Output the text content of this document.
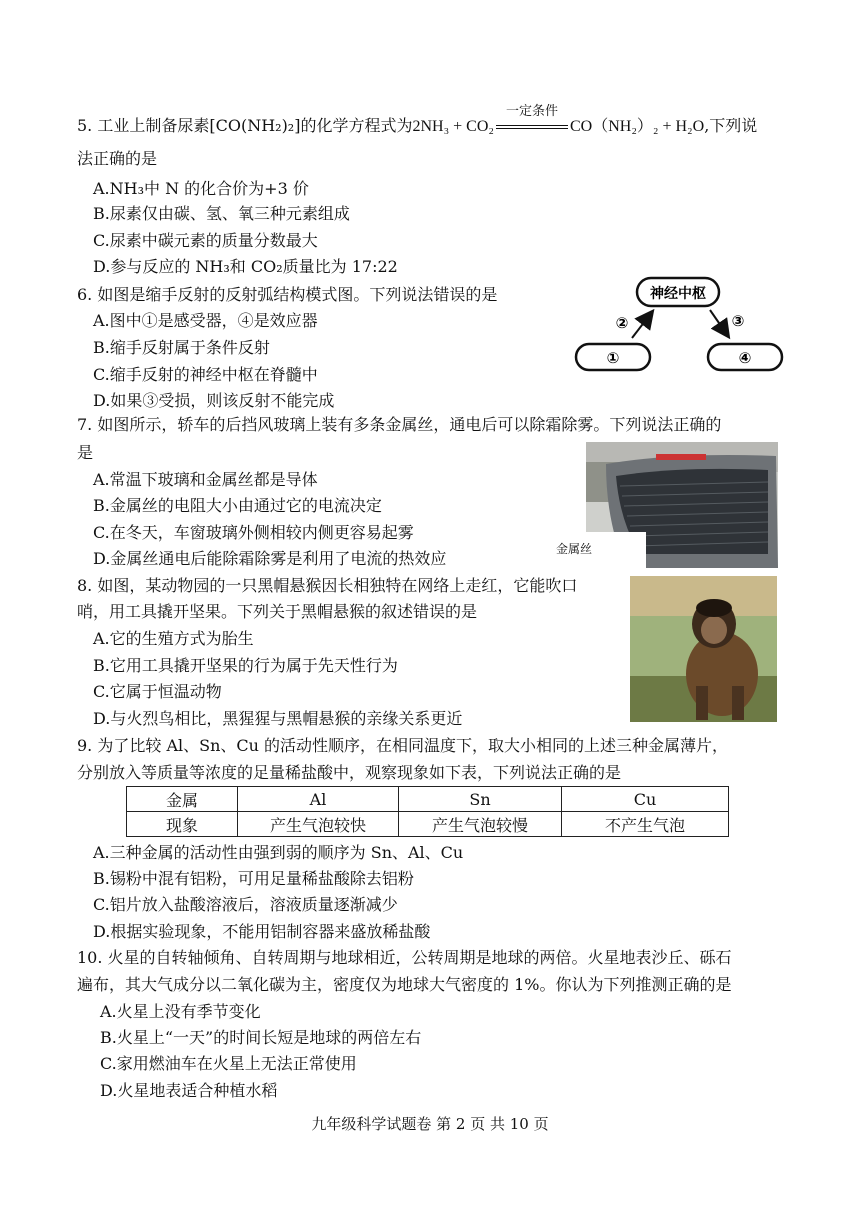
5. 工业上制备尿素[CO(NH₂)₂]的化学方程式为2NH₃ + CO₂
一定条件
CO（NH₂）₂ + H₂O,下列说
法正确的是
A.NH₃中 N 的化合价为+3 价
B.尿素仅由碳、氢、氧三种元素组成
C.尿素中碳元素的质量分数最大
D.参与反应的 NH₃和 CO₂质量比为 17:22
6. 如图是缩手反射的反射弧结构模式图。下列说法错误的是
A.图中①是感受器，④是效应器
B.缩手反射属于条件反射
C.缩手反射的神经中枢在脊髓中
D.如果③受损，则该反射不能完成
神经中枢
①	④
②	③
7. 如图所示，轿车的后挡风玻璃上装有多条金属丝，通电后可以除霜除雾。下列说法正确的
是
A.常温下玻璃和金属丝都是导体
B.金属丝的电阻大小由通过它的电流决定
C.在冬天，车窗玻璃外侧相较内侧更容易起雾
D.金属丝通电后能除霜除雾是利用了电流的热效应	金属丝
8. 如图，某动物园的一只黑帽悬猴因长相独特在网络上走红，它能吹口
哨，用工具撬开坚果。下列关于黑帽悬猴的叙述错误的是
A.它的生殖方式为胎生
B.它用工具撬开坚果的行为属于先天性行为
C.它属于恒温动物
D.与火烈鸟相比，黑猩猩与黑帽悬猴的亲缘关系更近
9. 为了比较 Al、Sn、Cu 的活动性顺序，在相同温度下，取大小相同的上述三种金属薄片，
分别放入等质量等浓度的足量稀盐酸中，观察现象如下表，下列说法正确的是
金属	Al	Sn	Cu
现象	产生气泡较快	产生气泡较慢	不产生气泡
A.三种金属的活动性由强到弱的顺序为 Sn、Al、Cu
B.锡粉中混有铝粉，可用足量稀盐酸除去铝粉
C.铝片放入盐酸溶液后，溶液质量逐渐减少
D.根据实验现象，不能用铝制容器来盛放稀盐酸
10. 火星的自转轴倾角、自转周期与地球相近，公转周期是地球的两倍。火星地表沙丘、砾石
遍布，其大气成分以二氧化碳为主，密度仅为地球大气密度的 1%。你认为下列推测正确的是
A.火星上没有季节变化
B.火星上“一天”的时间长短是地球的两倍左右
C.家用燃油车在火星上无法正常使用
D.火星地表适合种植水稻
九年级科学试题卷 第 2 页 共 10 页
